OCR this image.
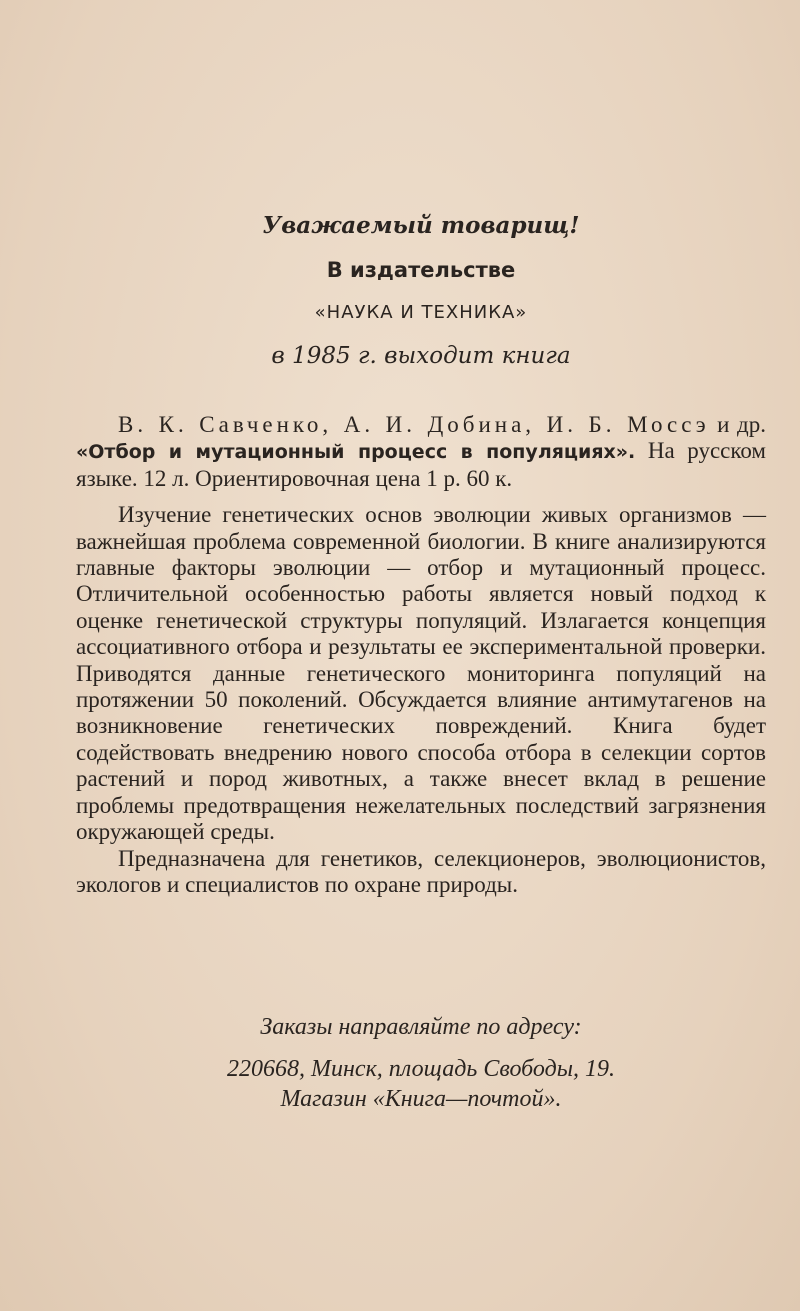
Уважаемый товарищ!
В издательстве
«НАУКА И ТЕХНИКА»
в 1985 г. выходит книга

В. К. Савченко, А. И. Добина, И. Б. Моссэ и др. «Отбор и мутационный процесс в популяциях». На русском языке. 12 л. Ориентировочная цена 1 р. 60 к.

Изучение генетических основ эволюции живых организмов — важнейшая проблема современной биологии. В книге анализируются главные факторы эволюции — отбор и мутационный процесс. Отличительной особенностью работы является новый подход к оценке генетической структуры популяций. Излагается концепция ассоциативного отбора и результаты ее экспериментальной проверки. Приводятся данные генетического мониторинга популяций на протяжении 50 поколений. Обсуждается влияние антимутагенов на возникновение генетических повреждений. Книга будет содействовать внедрению нового способа отбора в селекции сортов растений и пород животных, а также внесет вклад в решение проблемы предотвращения нежелательных последствий загрязнения окружающей среды.

Предназначена для генетиков, селекционеров, эволюционистов, экологов и специалистов по охране природы.

Заказы направляйте по адресу:
220668, Минск, площадь Свободы, 19.
Магазин «Книга—почтой».
